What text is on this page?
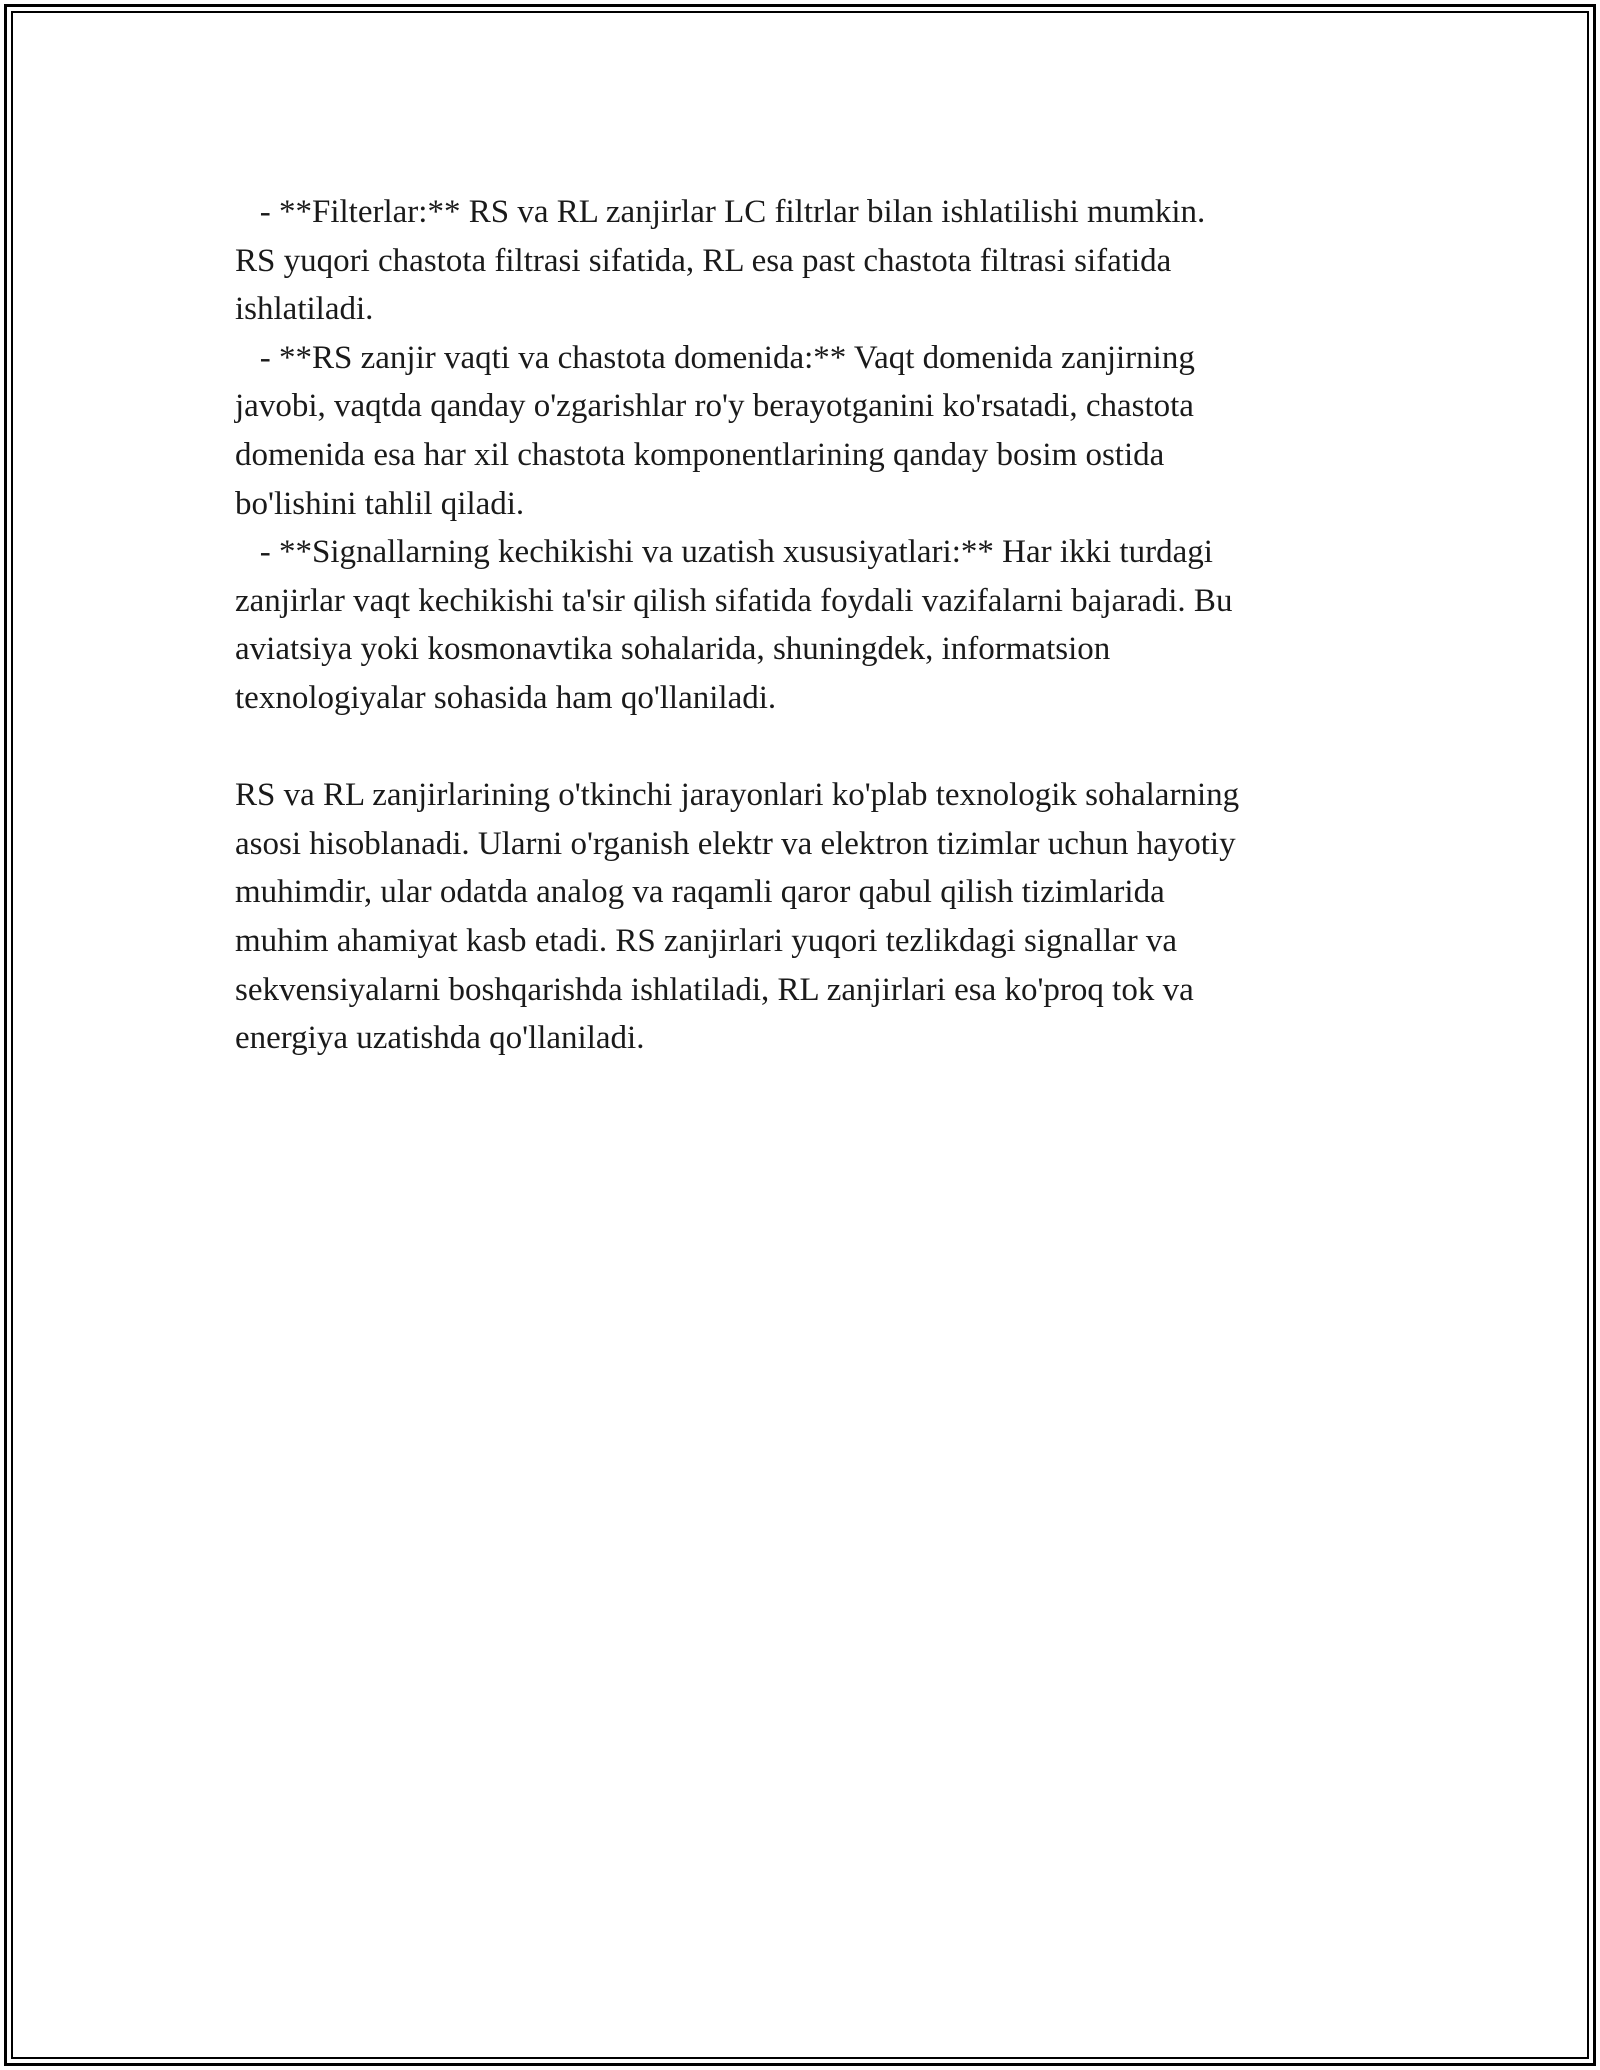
- **Filterlar:** RS va RL zanjirlar LC filtrlar bilan ishlatilishi mumkin.

RS yuqori chastota filtrasi sifatida, RL esa past chastota filtrasi sifatida

ishlatiladi.

- **RS zanjir vaqti va chastota domenida:** Vaqt domenida zanjirning

javobi, vaqtda qanday o'zgarishlar ro'y berayotganini ko'rsatadi, chastota

domenida esa har xil chastota komponentlarining qanday bosim ostida

bo'lishini tahlil qiladi.

- **Signallarning kechikishi va uzatish xususiyatlari:** Har ikki turdagi

zanjirlar vaqt kechikishi ta'sir qilish sifatida foydali vazifalarni bajaradi. Bu

aviatsiya yoki kosmonavtika sohalarida, shuningdek, informatsion

texnologiyalar sohasida ham qo'llaniladi.

RS va RL zanjirlarining o'tkinchi jarayonlari ko'plab texnologik sohalarning

asosi hisoblanadi. Ularni o'rganish elektr va elektron tizimlar uchun hayotiy

muhimdir, ular odatda analog va raqamli qaror qabul qilish tizimlarida

muhim ahamiyat kasb etadi. RS zanjirlari yuqori tezlikdagi signallar va

sekvensiyalarni boshqarishda ishlatiladi, RL zanjirlari esa ko'proq tok va

energiya uzatishda qo'llaniladi.
